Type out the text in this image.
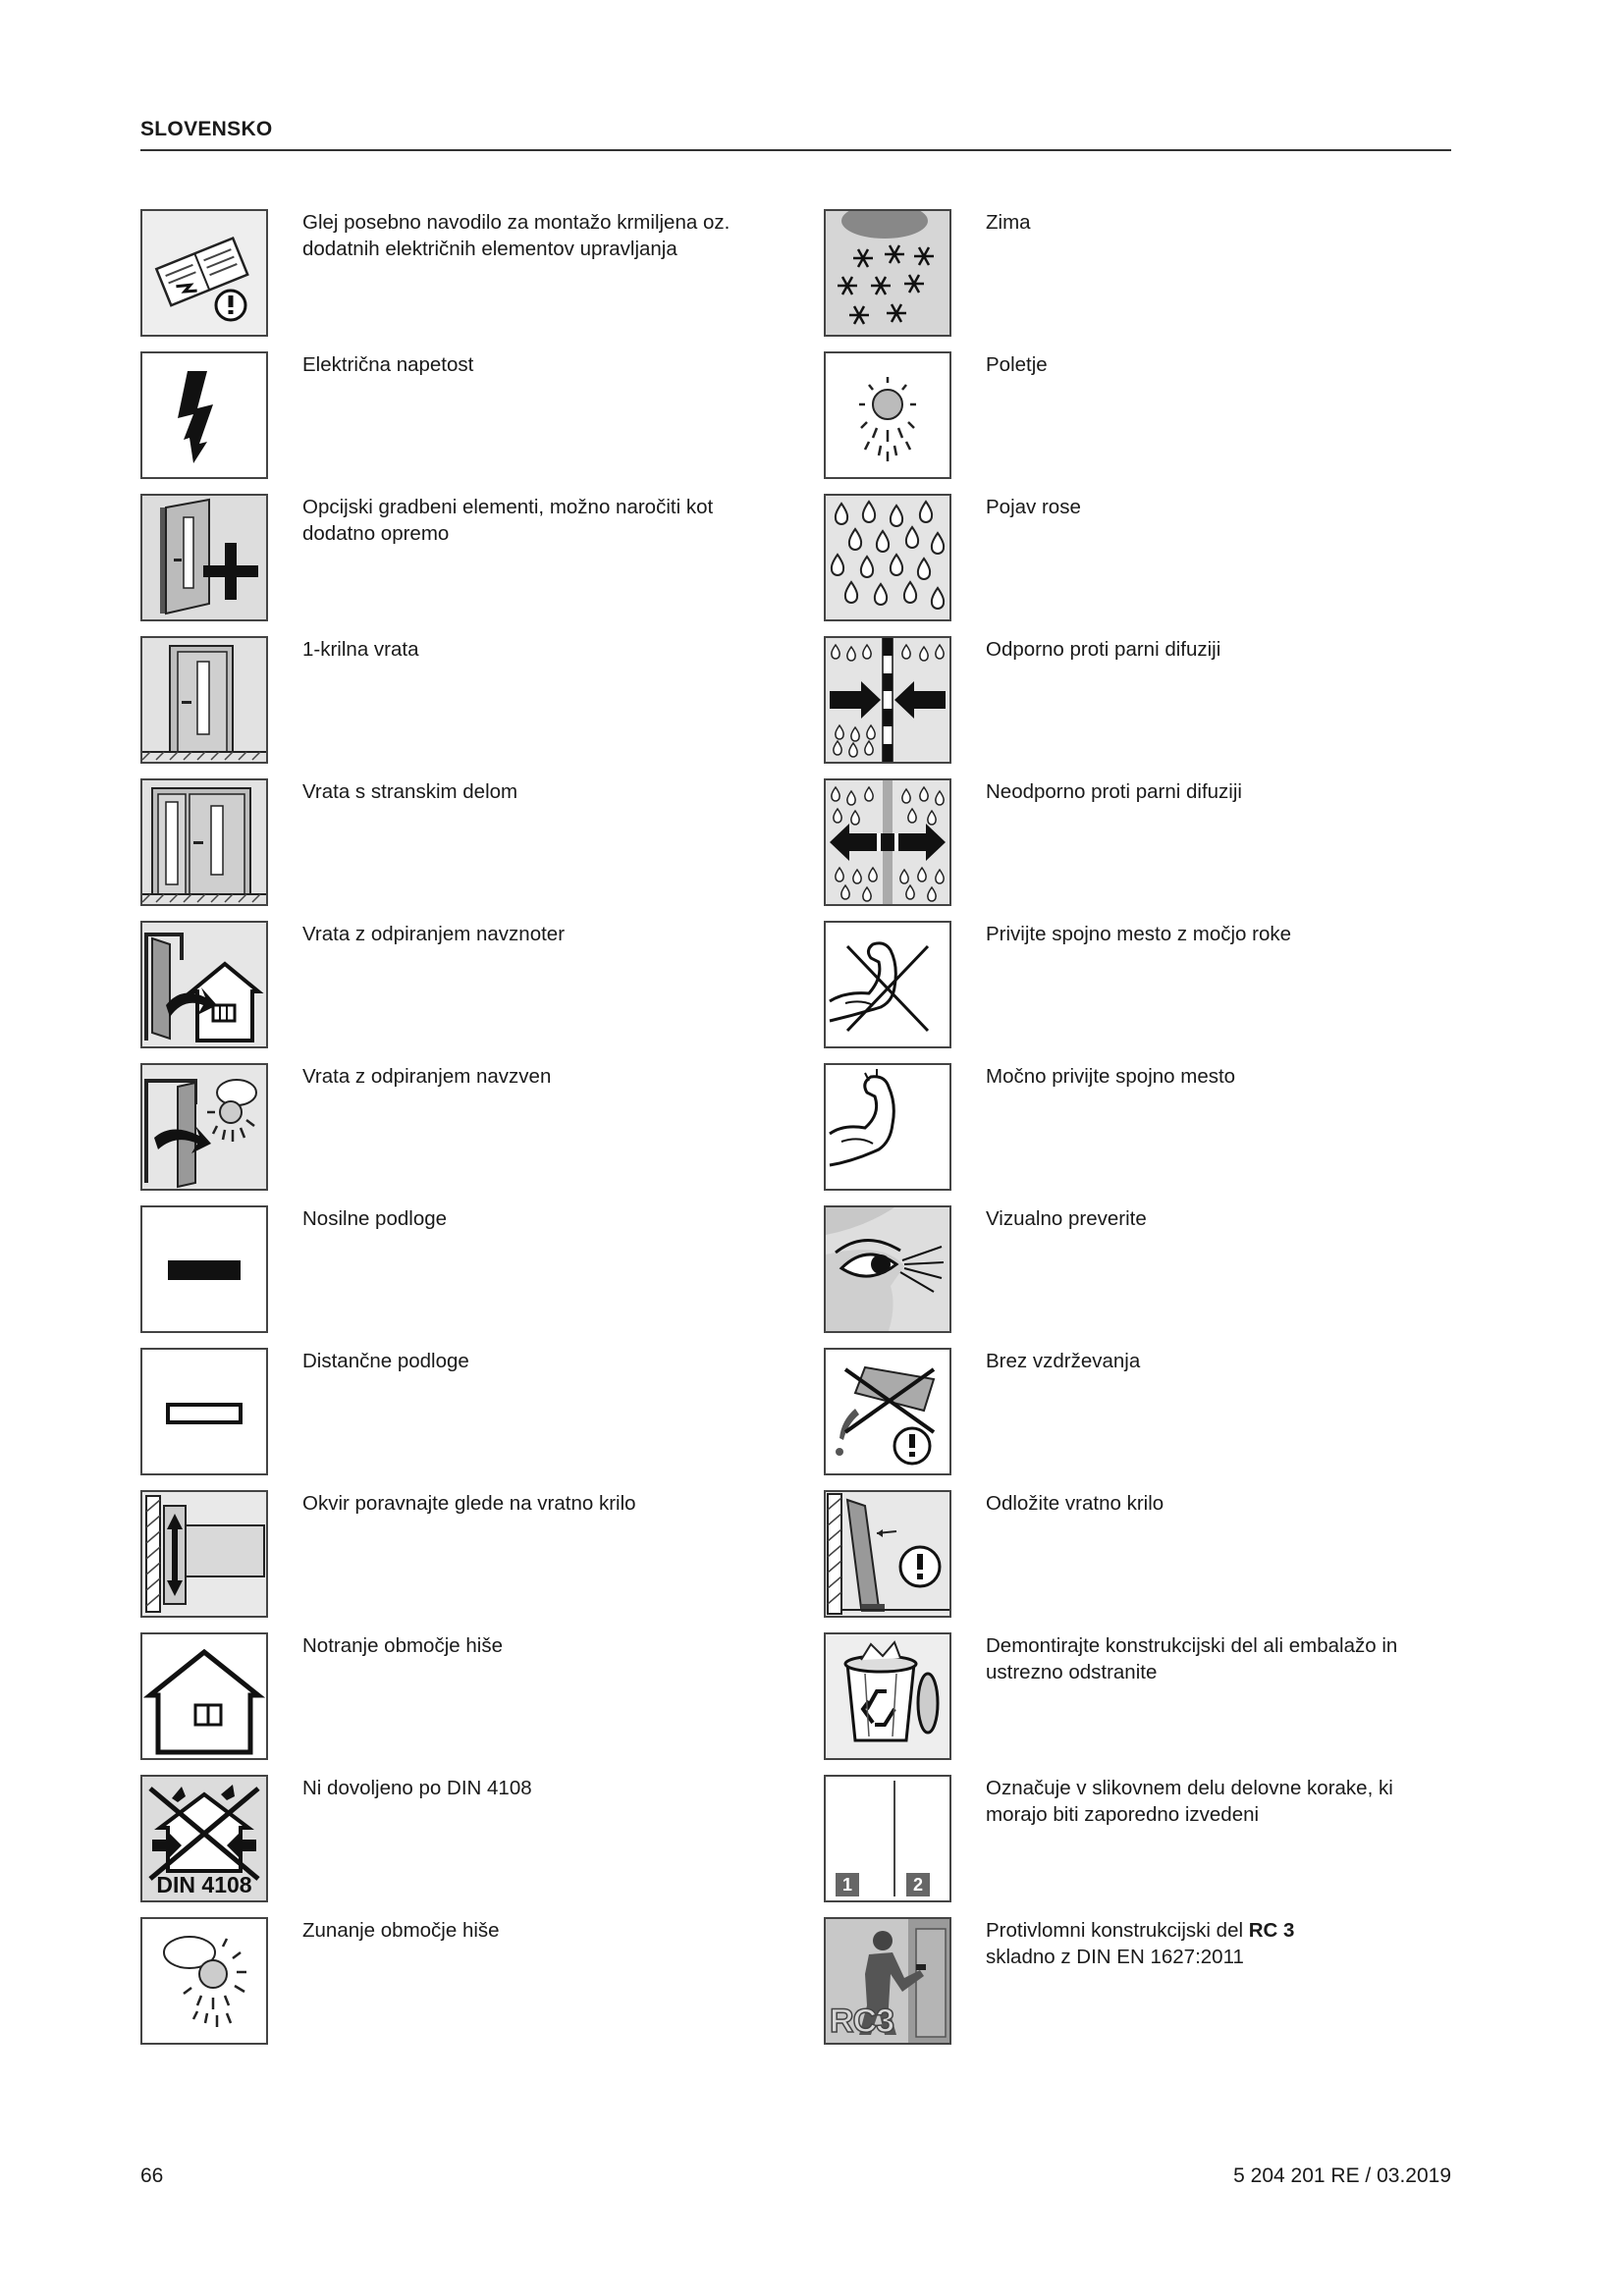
SLOVENSKO
Glej posebno navodilo za montažo krmiljena oz. dodatnih električnih elementov upravljanja
Električna napetost
Opcijski gradbeni elementi, možno naročiti kot dodatno opremo
1-krilna vrata
Vrata s stranskim delom
Vrata z odpiranjem navznoter
Vrata z odpiranjem navzven
Nosilne podloge
Distančne podloge
Okvir poravnajte glede na vratno krilo
Notranje območje hiše
DIN 4108
Ni dovoljeno po DIN 4108
Zunanje območje hiše
Zima
Poletje
Pojav rose
Odporno proti parni difuziji
Neodporno proti parni difuziji
Privijte spojno mesto z močjo roke
Močno privijte spojno mesto
Vizualno preverite
Brez vzdrževanja
Odložite vratno krilo
Demontirajte konstrukcijski del ali embalažo in ustrezno odstranite
1	2
Označuje v slikovnem delu delovne korake, ki morajo biti zaporedno izvedeni
RC3
Protivlomni konstrukcijski del RC 3
skladno z DIN EN 1627:2011
66	5 204 201 RE / 03.2019
